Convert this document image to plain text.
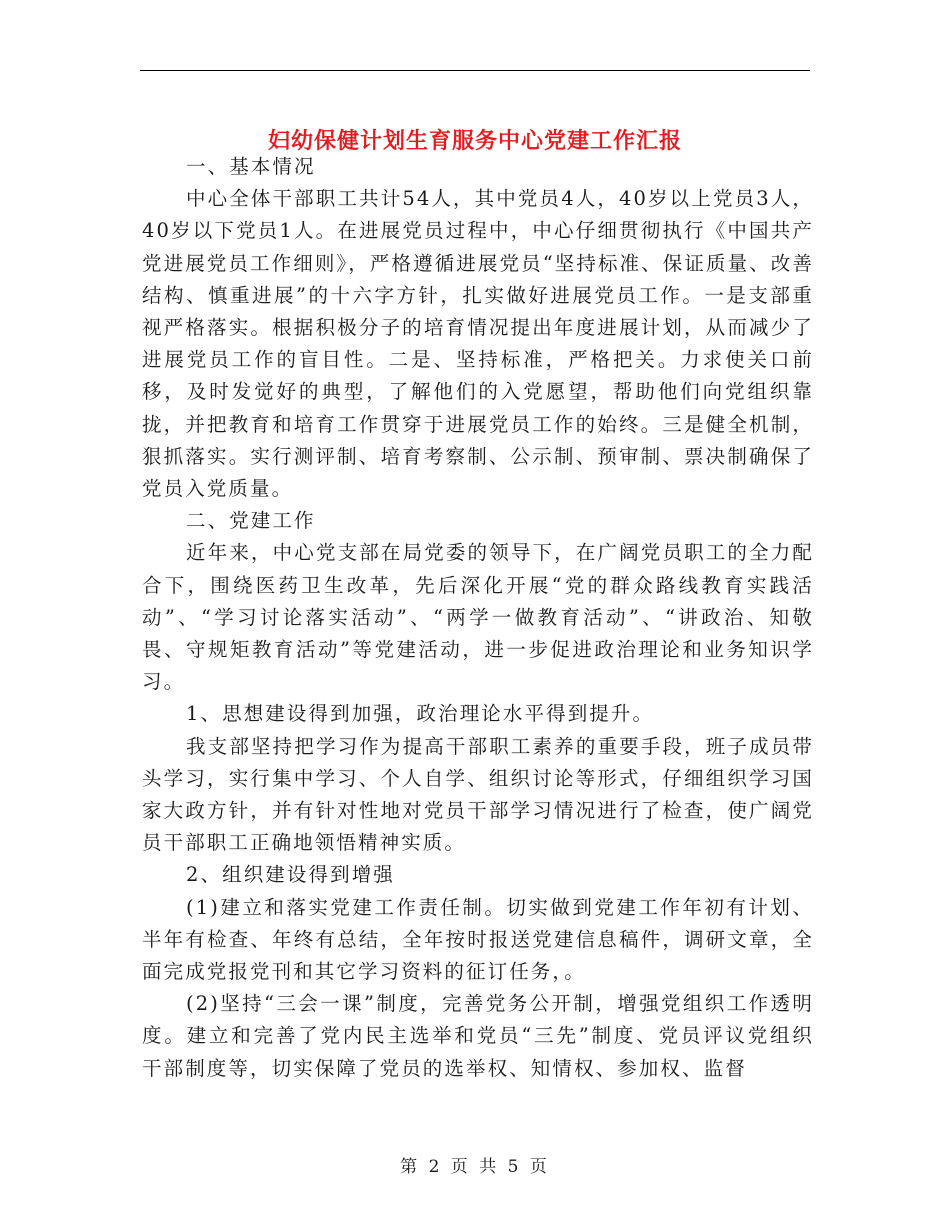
妇幼保健计划生育服务中心党建工作汇报

一、基本情况

中心全体干部职工共计54人，其中党员4人，40岁以上党员3人，40岁以下党员1人。在进展党员过程中，中心仔细贯彻执行《中国共产党进展党员工作细则》，严格遵循进展党员“坚持标准、保证质量、改善结构、慎重进展”的十六字方针，扎实做好进展党员工作。一是支部重视严格落实。根据积极分子的培育情况提出年度进展计划，从而减少了进展党员工作的盲目性。二是、坚持标准，严格把关。力求使关口前移，及时发觉好的典型，了解他们的入党愿望，帮助他们向党组织靠拢，并把教育和培育工作贯穿于进展党员工作的始终。三是健全机制，狠抓落实。实行测评制、培育考察制、公示制、预审制、票决制确保了党员入党质量。

二、党建工作

近年来，中心党支部在局党委的领导下，在广阔党员职工的全力配合下，围绕医药卫生改革，先后深化开展“党的群众路线教育实践活动”、“学习讨论落实活动”、“两学一做教育活动”、“讲政治、知敬畏、守规矩教育活动”等党建活动，进一步促进政治理论和业务知识学习。

1、思想建设得到加强，政治理论水平得到提升。

我支部坚持把学习作为提高干部职工素养的重要手段，班子成员带头学习，实行集中学习、个人自学、组织讨论等形式，仔细组织学习国家大政方针，并有针对性地对党员干部学习情况进行了检查，使广阔党员干部职工正确地领悟精神实质。

2、组织建设得到增强

(1)建立和落实党建工作责任制。切实做到党建工作年初有计划、半年有检查、年终有总结，全年按时报送党建信息稿件，调研文章，全面完成党报党刊和其它学习资料的征订任务，。

(2)坚持“三会一课”制度，完善党务公开制，增强党组织工作透明度。建立和完善了党内民主选举和党员“三先”制度、党员评议党组织干部制度等，切实保障了党员的选举权、知情权、参加权、监督

第 2 页 共 5 页
